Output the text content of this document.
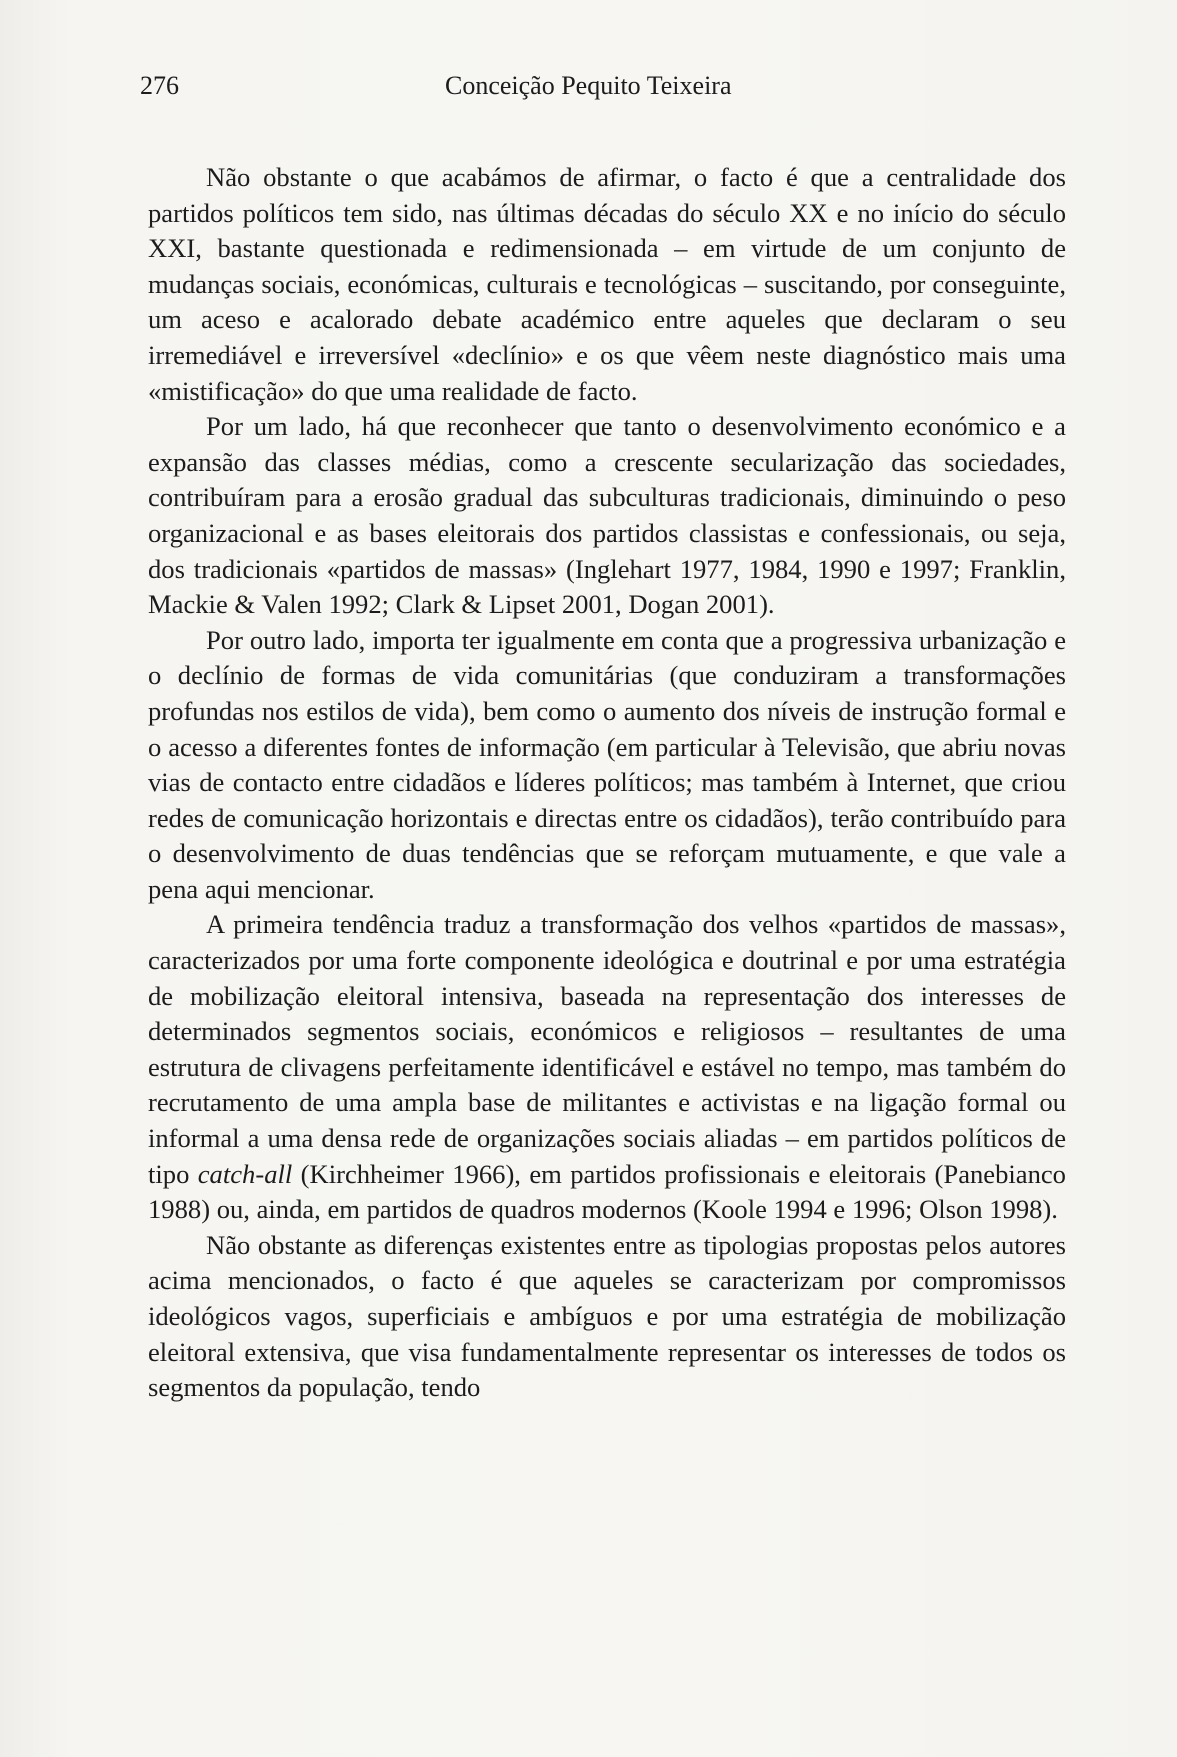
276	Conceição Pequito Teixeira

Não obstante o que acabámos de afirmar, o facto é que a centralidade dos partidos políticos tem sido, nas últimas décadas do século XX e no início do século XXI, bastante questionada e redimensionada – em virtude de um conjunto de mudanças sociais, económicas, culturais e tecnológicas – suscitando, por conseguinte, um aceso e acalorado debate académico entre aqueles que declaram o seu irremediável e irreversível «declínio» e os que vêem neste diagnóstico mais uma «mistificação» do que uma realidade de facto.

Por um lado, há que reconhecer que tanto o desenvolvimento económico e a expansão das classes médias, como a crescente secularização das sociedades, contribuíram para a erosão gradual das subculturas tradicionais, diminuindo o peso organizacional e as bases eleitorais dos partidos classistas e confessionais, ou seja, dos tradicionais «partidos de massas» (Inglehart 1977, 1984, 1990 e 1997; Franklin, Mackie & Valen 1992; Clark & Lipset 2001, Dogan 2001).

Por outro lado, importa ter igualmente em conta que a progressiva urbanização e o declínio de formas de vida comunitárias (que conduziram a transformações profundas nos estilos de vida), bem como o aumento dos níveis de instrução formal e o acesso a diferentes fontes de informação (em particular à Televisão, que abriu novas vias de contacto entre cidadãos e líderes políticos; mas também à Internet, que criou redes de comunicação horizontais e directas entre os cidadãos), terão contribuído para o desenvolvimento de duas tendências que se reforçam mutuamente, e que vale a pena aqui mencionar.

A primeira tendência traduz a transformação dos velhos «partidos de massas», caracterizados por uma forte componente ideológica e doutrinal e por uma estratégia de mobilização eleitoral intensiva, baseada na representação dos interesses de determinados segmentos sociais, económicos e religiosos – resultantes de uma estrutura de clivagens perfeitamente identificável e estável no tempo, mas também do recrutamento de uma ampla base de militantes e activistas e na ligação formal ou informal a uma densa rede de organizações sociais aliadas – em partidos políticos de tipo catch-all (Kirchheimer 1966), em partidos profissionais e eleitorais (Panebianco 1988) ou, ainda, em partidos de quadros modernos (Koole 1994 e 1996; Olson 1998).

Não obstante as diferenças existentes entre as tipologias propostas pelos autores acima mencionados, o facto é que aqueles se caracterizam por compromissos ideológicos vagos, superficiais e ambíguos e por uma estratégia de mobilização eleitoral extensiva, que visa fundamentalmente representar os interesses de todos os segmentos da população, tendo
